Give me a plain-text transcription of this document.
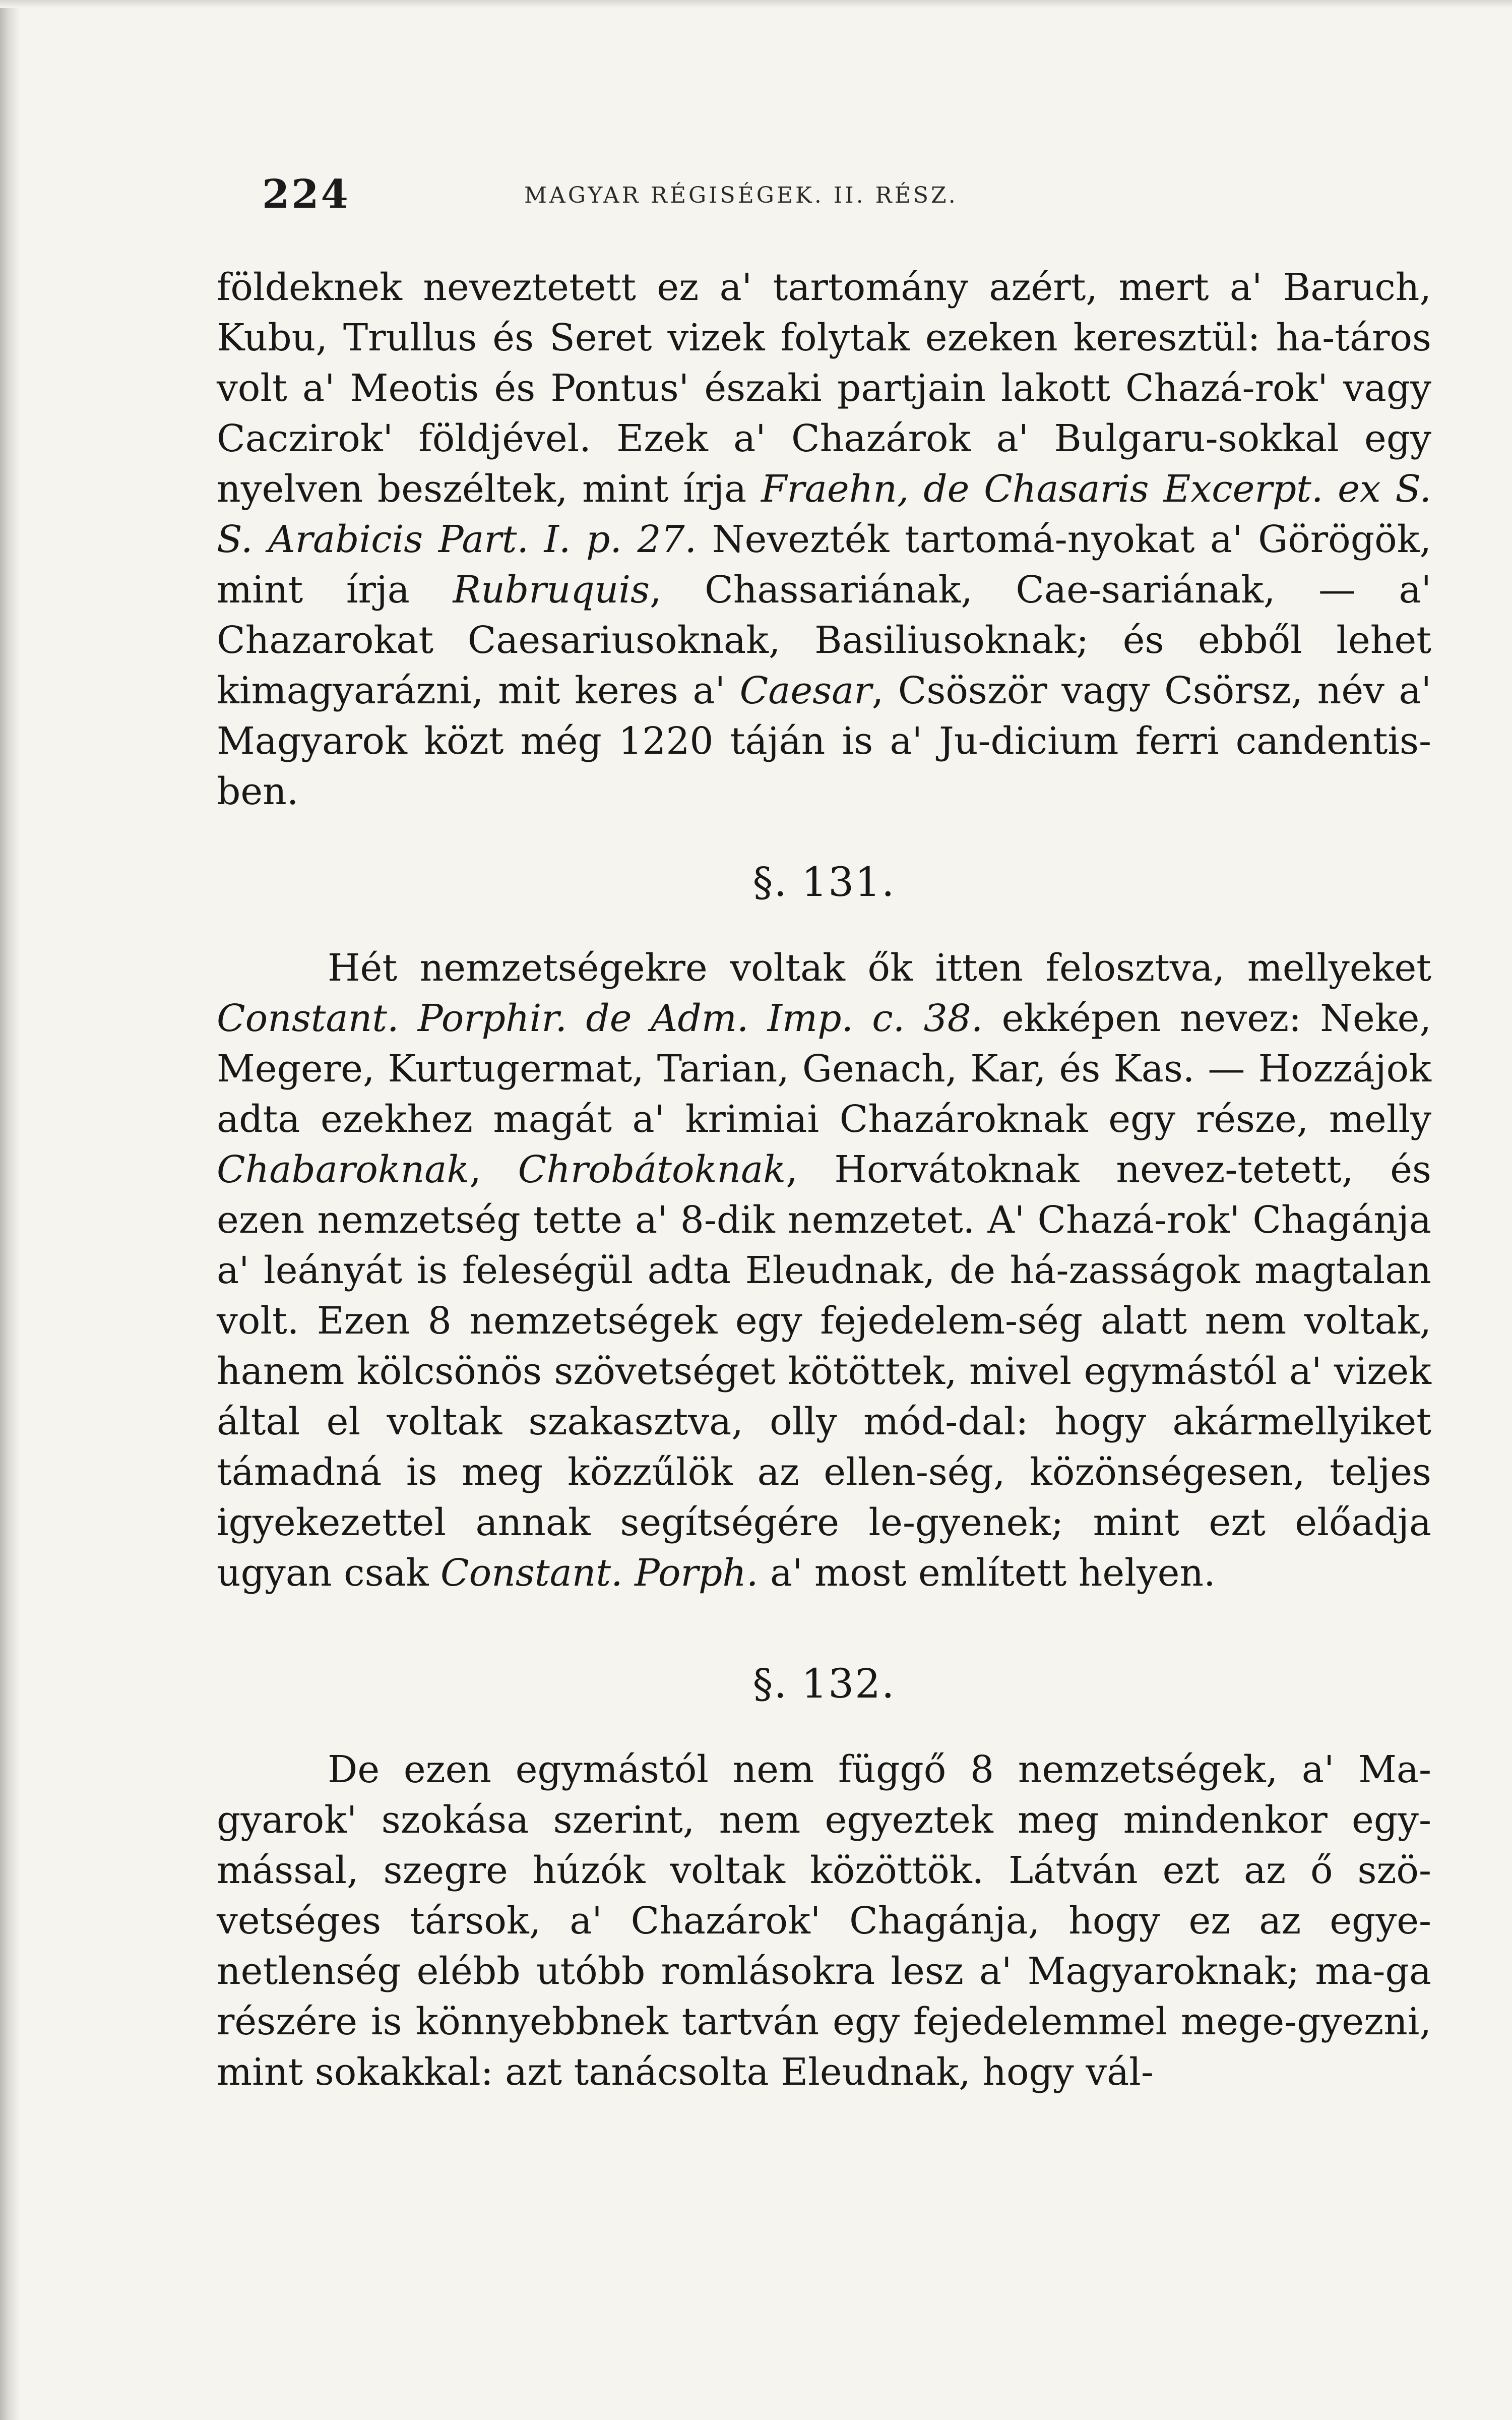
224	MAGYAR RÉGISÉGEK. II. RÉSZ.

földeknek neveztetett ez a' tartomány azért, mert a' Baruch, Kubu, Trullus és Seret vizek folytak ezeken keresztül: ha-táros volt a' Meotis és Pontus' északi partjain lakott Chazá-rok' vagy Caczirok' földjével. Ezek a' Chazárok a' Bulgaru-sokkal egy nyelven beszéltek, mint írja Fraehn, de Chasaris Excerpt. ex S. S. Arabicis Part. I. p. 27. Nevezték tartomá-nyokat a' Görögök, mint írja Rubruquis, Chassariának, Cae-sariának, — a' Chazarokat Caesariusoknak, Basiliusoknak; és ebből lehet kimagyarázni, mit keres a' Caesar, Csöször vagy Csörsz, név a' Magyarok közt még 1220 táján is a' Ju-dicium ferri candentis-ben.

§. 131.

Hét nemzetségekre voltak ők itten felosztva, mellyeket Constant. Porphir. de Adm. Imp. c. 38. ekképen nevez: Neke, Megere, Kurtugermat, Tarian, Genach, Kar, és Kas. — Hozzájok adta ezekhez magát a' krimiai Chazároknak egy része, melly Chabaroknak, Chrobátoknak, Horvátoknak nevez-tetett, és ezen nemzetség tette a' 8-dik nemzetet. A' Chazá-rok' Chagánja a' leányát is feleségül adta Eleudnak, de há-zasságok magtalan volt. Ezen 8 nemzetségek egy fejedelem-ség alatt nem voltak, hanem kölcsönös szövetséget kötöttek, mivel egymástól a' vizek által el voltak szakasztva, olly mód-dal: hogy akármellyiket támadná is meg közzűlök az ellen-ség, közönségesen, teljes igyekezettel annak segítségére le-gyenek; mint ezt előadja ugyan csak Constant. Porph. a' most említett helyen.

§. 132.

De ezen egymástól nem függő 8 nemzetségek, a' Ma-gyarok' szokása szerint, nem egyeztek meg mindenkor egy-mással, szegre húzók voltak közöttök. Látván ezt az ő szö-vetséges társok, a' Chazárok' Chagánja, hogy ez az egye-netlenség elébb utóbb romlásokra lesz a' Magyaroknak; ma-ga részére is könnyebbnek tartván egy fejedelemmel mege-gyezni, mint sokakkal: azt tanácsolta Eleudnak, hogy vál-
